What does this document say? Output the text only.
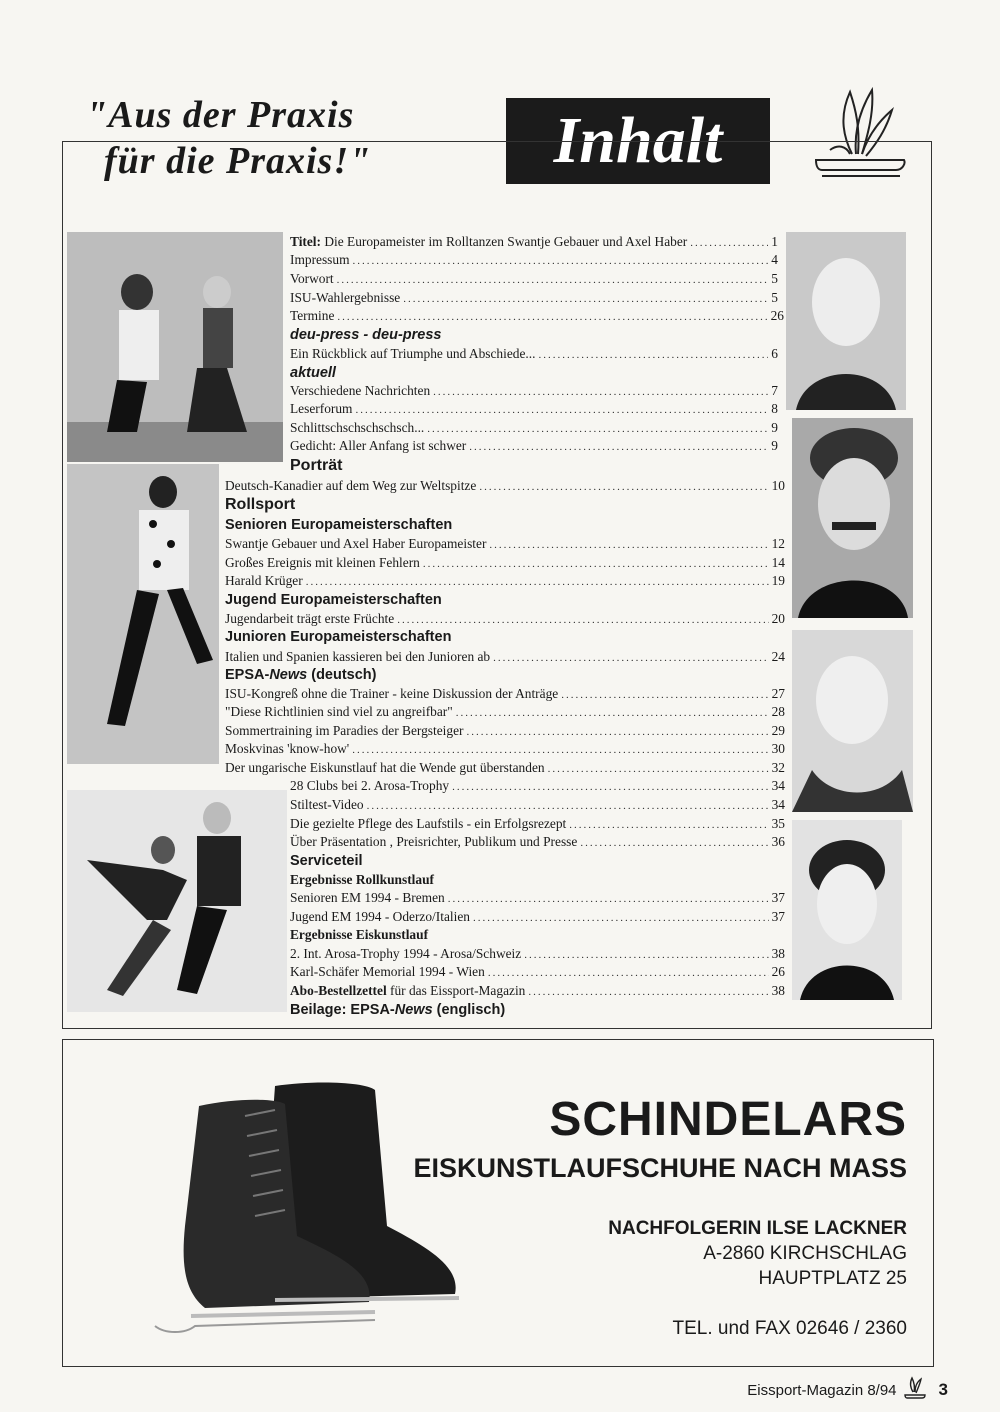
"Aus der Praxis
für die Praxis!"	Inhalt
Titel: Die Europameister im Rolltanzen Swantje Gebauer und Axel Haber .....	1
Impressum .....	4
Vorwort .....	5
ISU-Wahlergebnisse .....	5
Termine .....	26
deu-press - deu-press
Ein Rückblick auf Triumphe und Abschiede... .....	6
aktuell
Verschiedene Nachrichten .....	7
Leserforum .....	8
Schlittschschschschsch... .....	9
Gedicht: Aller Anfang ist schwer .....	9
Porträt
Deutsch-Kanadier auf dem Weg zur Weltspitze .....	10
Rollsport
Senioren Europameisterschaften
Swantje Gebauer und Axel Haber Europameister .....	12
Großes Ereignis mit kleinen Fehlern .....	14
Harald Krüger .....	19
Jugend Europameisterschaften
Jugendarbeit trägt erste Früchte .....	20
Junioren Europameisterschaften
Italien und Spanien kassieren bei den Junioren ab .....	24
EPSA-News (deutsch)
ISU-Kongreß ohne die Trainer - keine Diskussion der Anträge .....	27
"Diese Richtlinien sind viel zu angreifbar" .....	28
Sommertraining im Paradies der Bergsteiger .....	29
Moskvinas 'know-how' .....	30
Der ungarische Eiskunstlauf hat die Wende gut überstanden .....	32
28 Clubs bei 2. Arosa-Trophy .....	34
Stiltest-Video .....	34
Die gezielte Pflege des Laufstils - ein Erfolgsrezept .....	35
Über Präsentation , Preisrichter, Publikum und Presse .....	36
Serviceteil
Ergebnisse Rollkunstlauf
Senioren EM 1994 - Bremen .....	37
Jugend EM 1994 - Oderzo/Italien .....	37
Ergebnisse Eiskunstlauf
2. Int. Arosa-Trophy 1994 - Arosa/Schweiz .....	38
Karl-Schäfer Memorial 1994 - Wien .....	26
Abo-Bestellzettel für das Eissport-Magazin .....	38
Beilage: EPSA-News (englisch)
SCHINDELARS
EISKUNSTLAUFSCHUHE NACH MASS
NACHFOLGERIN ILSE LACKNER
A-2860 KIRCHSCHLAG
HAUPTPLATZ 25
TEL. und FAX 02646 / 2360
Eissport-Magazin 8/94 3
